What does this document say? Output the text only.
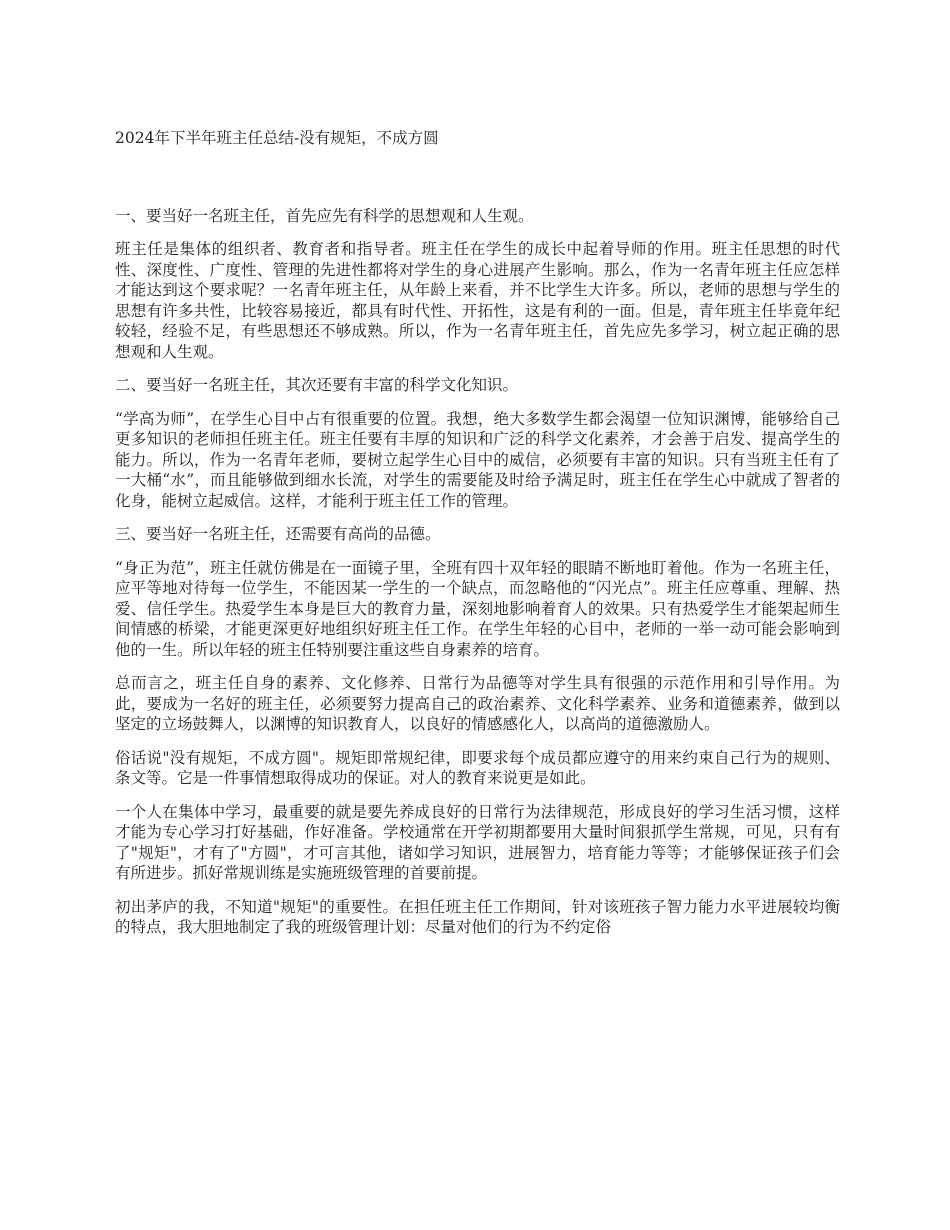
2024年下半年班主任总结-没有规矩，不成方圆

一、要当好一名班主任，首先应先有科学的思想观和人生观。

班主任是集体的组织者、教育者和指导者。班主任在学生的成长中起着导师的作用。班主任思想的时代性、深度性、广度性、管理的先进性都将对学生的身心进展产生影响。那么，作为一名青年班主任应怎样才能达到这个要求呢？一名青年班主任，从年龄上来看，并不比学生大许多。所以，老师的思想与学生的思想有许多共性，比较容易接近，都具有时代性、开拓性，这是有利的一面。但是，青年班主任毕竟年纪较轻，经验不足，有些思想还不够成熟。所以，作为一名青年班主任，首先应先多学习，树立起正确的思想观和人生观。

二、要当好一名班主任，其次还要有丰富的科学文化知识。

“学高为师”，在学生心目中占有很重要的位置。我想，绝大多数学生都会渴望一位知识渊博，能够给自己更多知识的老师担任班主任。班主任要有丰厚的知识和广泛的科学文化素养，才会善于启发、提高学生的能力。所以，作为一名青年老师，要树立起学生心目中的威信，必须要有丰富的知识。只有当班主任有了一大桶“水”，而且能够做到细水长流，对学生的需要能及时给予满足时，班主任在学生心中就成了智者的化身，能树立起威信。这样，才能利于班主任工作的管理。

三、要当好一名班主任，还需要有高尚的品德。

“身正为范”，班主任就仿佛是在一面镜子里，全班有四十双年轻的眼睛不断地盯着他。作为一名班主任，应平等地对待每一位学生，不能因某一学生的一个缺点，而忽略他的“闪光点”。班主任应尊重、理解、热爱、信任学生。热爱学生本身是巨大的教育力量，深刻地影响着育人的效果。只有热爱学生才能架起师生间情感的桥梁，才能更深更好地组织好班主任工作。在学生年轻的心目中，老师的一举一动可能会影响到他的一生。所以年轻的班主任特别要注重这些自身素养的培育。

总而言之，班主任自身的素养、文化修养、日常行为品德等对学生具有很强的示范作用和引导作用。为此，要成为一名好的班主任，必须要努力提高自己的政治素养、文化科学素养、业务和道德素养，做到以坚定的立场鼓舞人，以渊博的知识教育人，以良好的情感感化人，以高尚的道德激励人。

俗话说"没有规矩，不成方圆"。规矩即常规纪律，即要求每个成员都应遵守的用来约束自己行为的规则、条文等。它是一件事情想取得成功的保证。对人的教育来说更是如此。

一个人在集体中学习，最重要的就是要先养成良好的日常行为法律规范，形成良好的学习生活习惯，这样才能为专心学习打好基础，作好准备。学校通常在开学初期都要用大量时间狠抓学生常规，可见，只有有了"规矩"，才有了"方圆"，才可言其他，诸如学习知识，进展智力，培育能力等等；才能够保证孩子们会有所进步。抓好常规训练是实施班级管理的首要前提。

初出茅庐的我，不知道"规矩"的重要性。在担任班主任工作期间，针对该班孩子智力能力水平进展较均衡的特点，我大胆地制定了我的班级管理计划：尽量对他们的行为不约定俗
